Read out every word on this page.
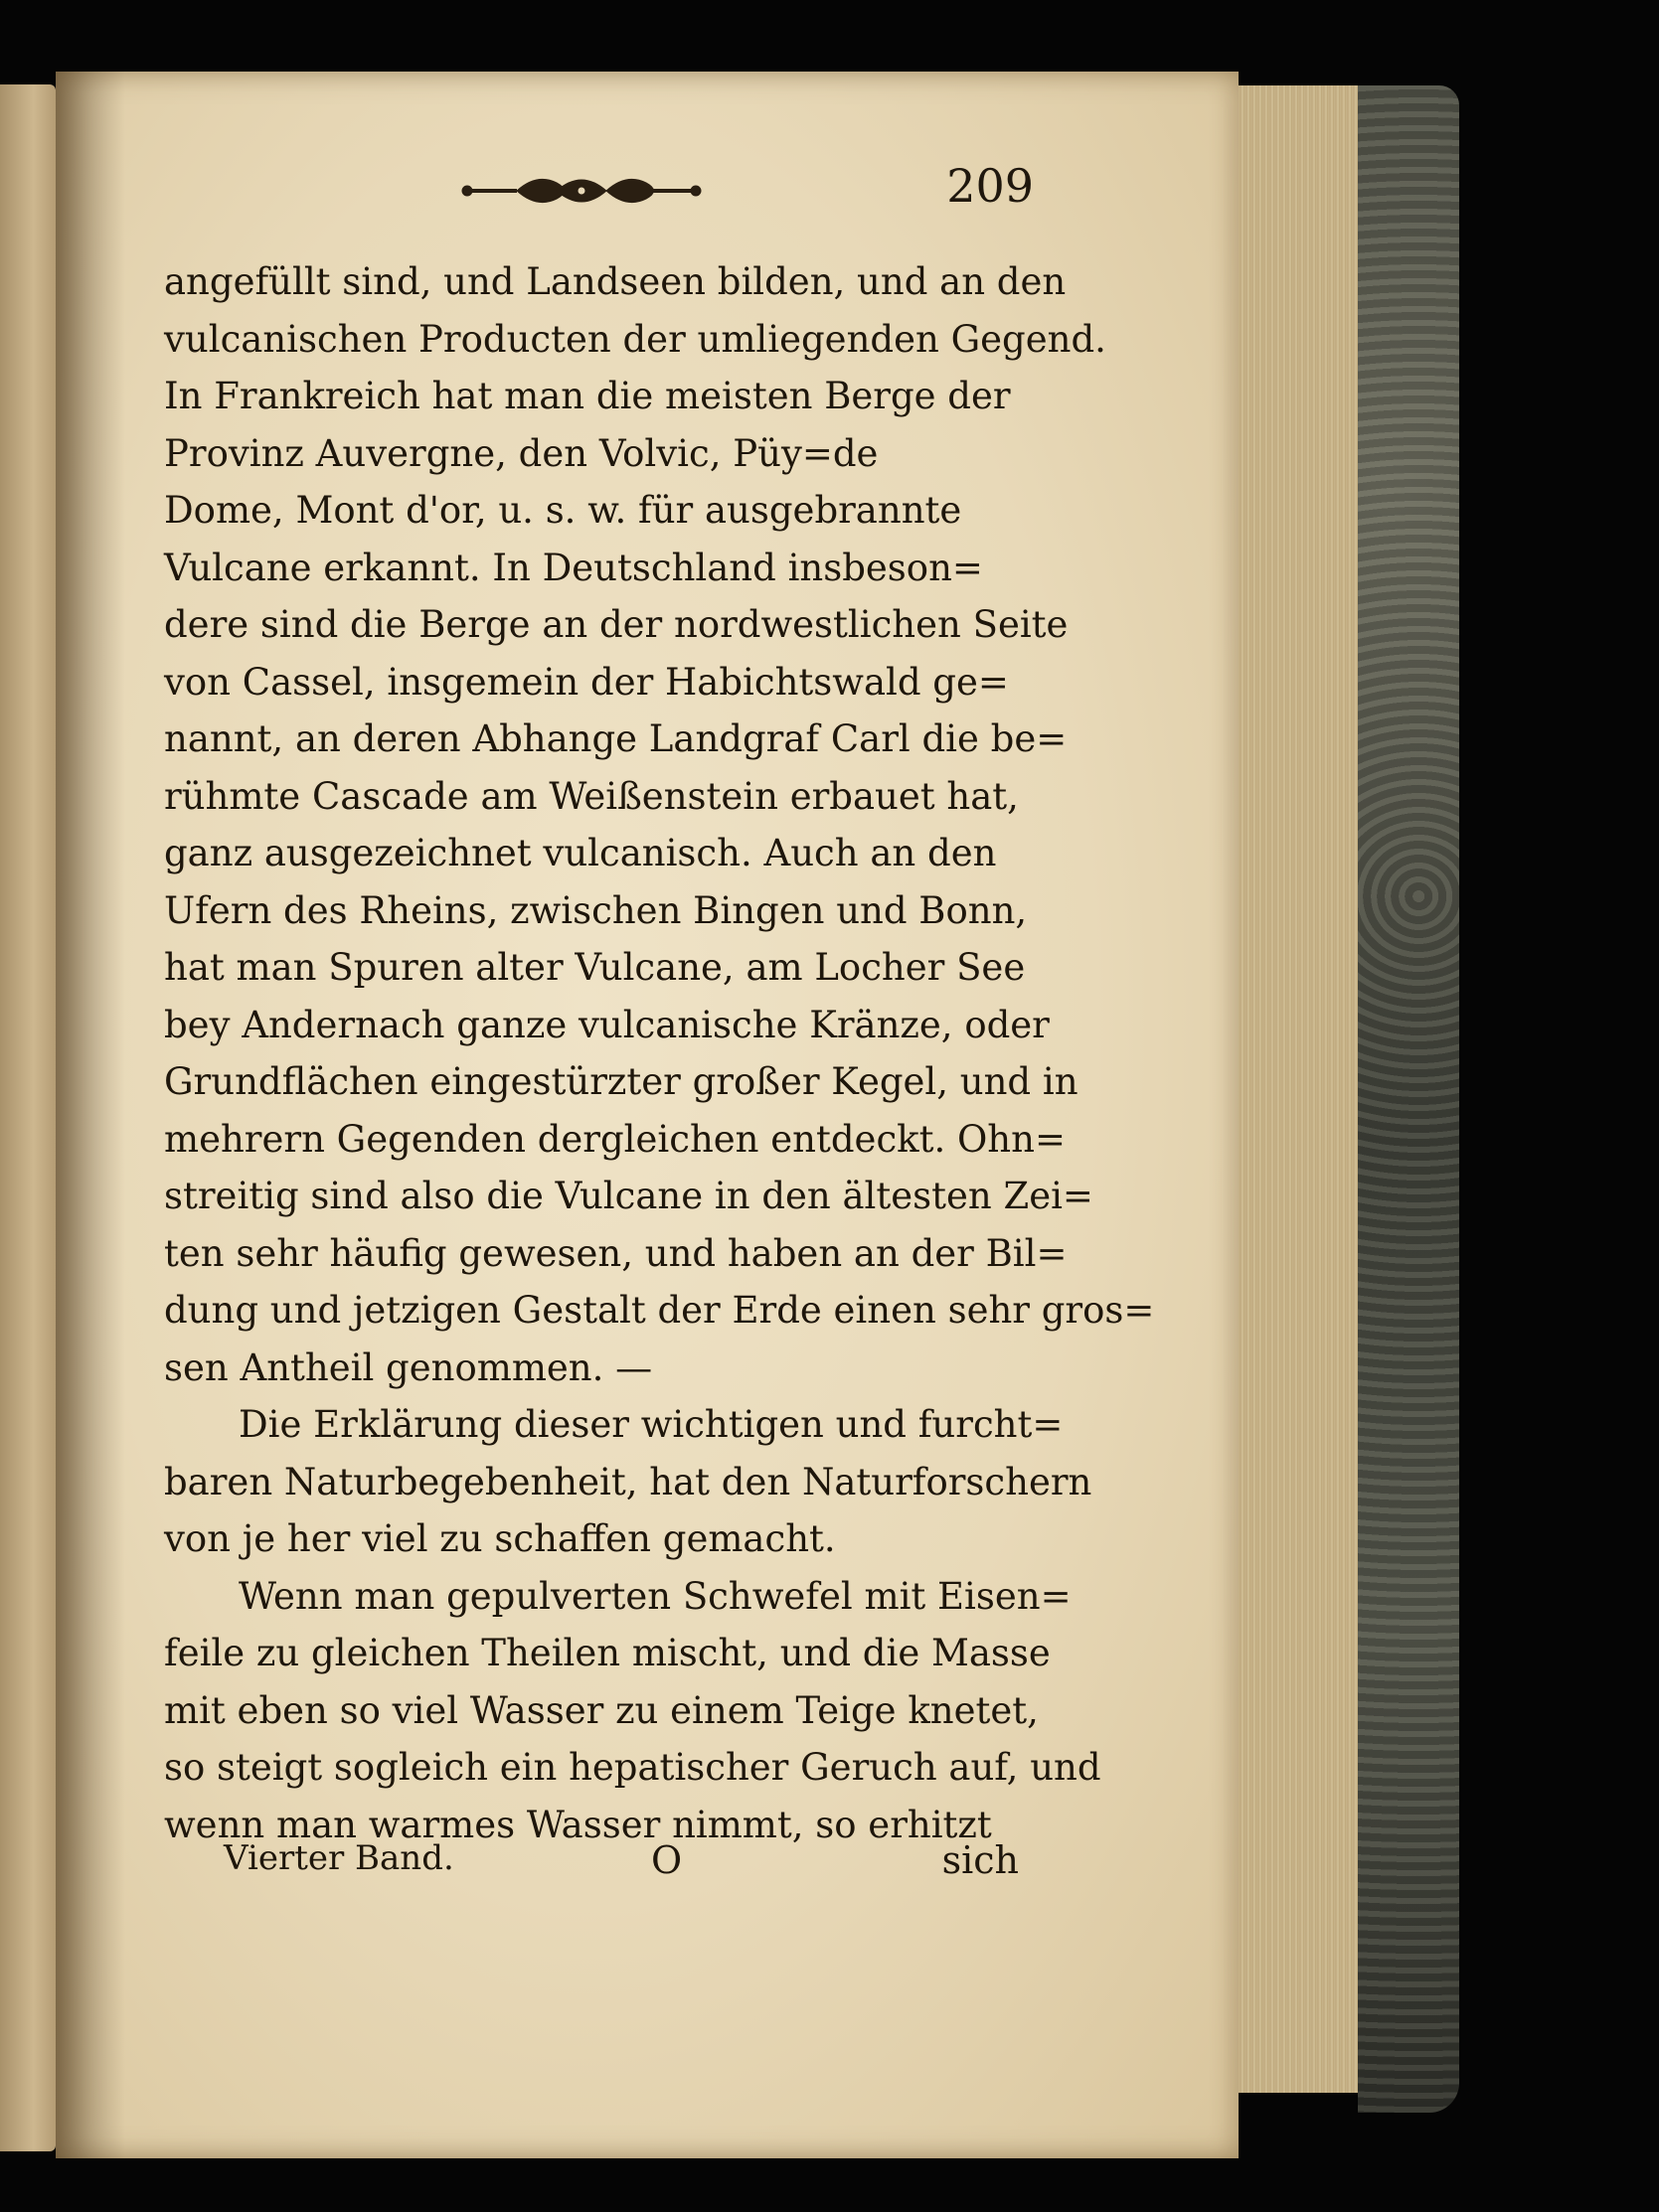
209
angefüllt sind, und Landseen bilden, und an den
vulcanischen Producten der umliegenden Gegend.
In Frankreich hat man die meisten Berge der
Provinz Auvergne, den Volvic, Püy=de
Dome, Mont d'or, u. s. w. für ausgebrannte
Vulcane erkannt. In Deutschland insbeson=
dere sind die Berge an der nordwestlichen Seite
von Cassel, insgemein der Habichtswald ge=
nannt, an deren Abhange Landgraf Carl die be=
rühmte Cascade am Weißenstein erbauet hat,
ganz ausgezeichnet vulcanisch. Auch an den
Ufern des Rheins, zwischen Bingen und Bonn,
hat man Spuren alter Vulcane, am Locher See
bey Andernach ganze vulcanische Kränze, oder
Grundflächen eingestürzter großer Kegel, und in
mehrern Gegenden dergleichen entdeckt. Ohn=
streitig sind also die Vulcane in den ältesten Zei=
ten sehr häufig gewesen, und haben an der Bil=
dung und jetzigen Gestalt der Erde einen sehr gros=
sen Antheil genommen. —
Die Erklärung dieser wichtigen und furcht=
baren Naturbegebenheit, hat den Naturforschern
von je her viel zu schaffen gemacht.
Wenn man gepulverten Schwefel mit Eisen=
feile zu gleichen Theilen mischt, und die Masse
mit eben so viel Wasser zu einem Teige knetet,
so steigt sogleich ein hepatischer Geruch auf, und
wenn man warmes Wasser nimmt, so erhitzt
Vierter Band.	O	sich
